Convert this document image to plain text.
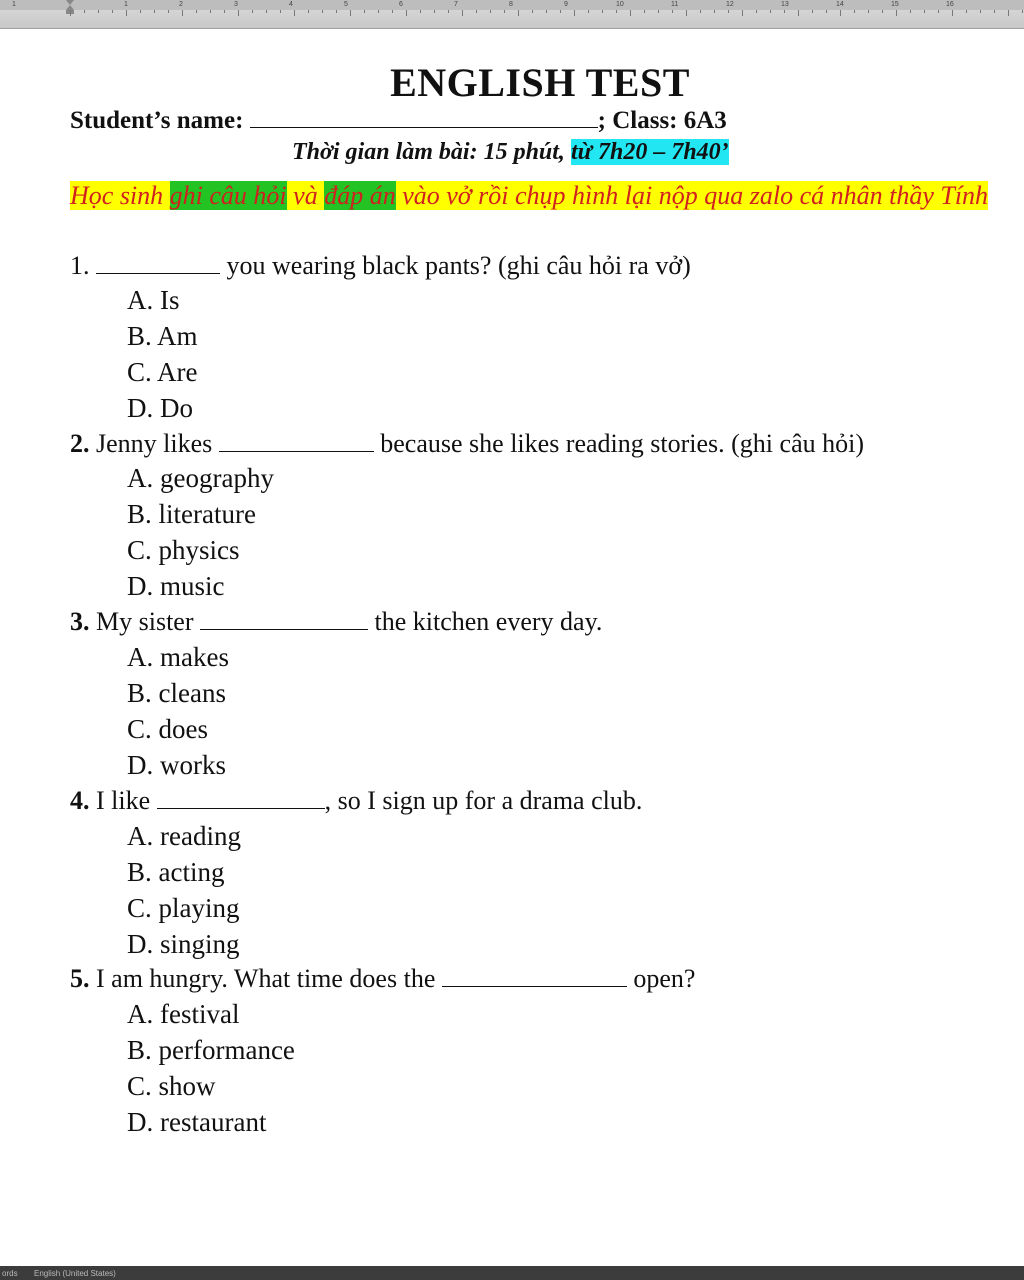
1	1	2	3	4	5	6	7	8	9	10	11	12	13	14	15	16
ENGLISH TEST
Student’s name:	; Class: 6A3
Thời gian làm bài: 15 phút, từ 7h20 – 7h40’
Học sinh ghi câu hỏi và đáp án vào vở rồi chụp hình lại nộp qua zalo cá nhân thầy Tính
1.	you wearing black pants? (ghi câu hỏi ra vở)
A. Is
B. Am
C. Are
D. Do
2. Jenny likes	because she likes reading stories. (ghi câu hỏi)
A. geography
B. literature
C. physics
D. music
3. My sister	the kitchen every day.
A. makes
B. cleans
C. does
D. works
4. I like	, so I sign up for a drama club.
A. reading
B. acting
C. playing
D. singing
5. I am hungry. What time does the	open?
A. festival
B. performance
C. show
D. restaurant
ords English (United States)
